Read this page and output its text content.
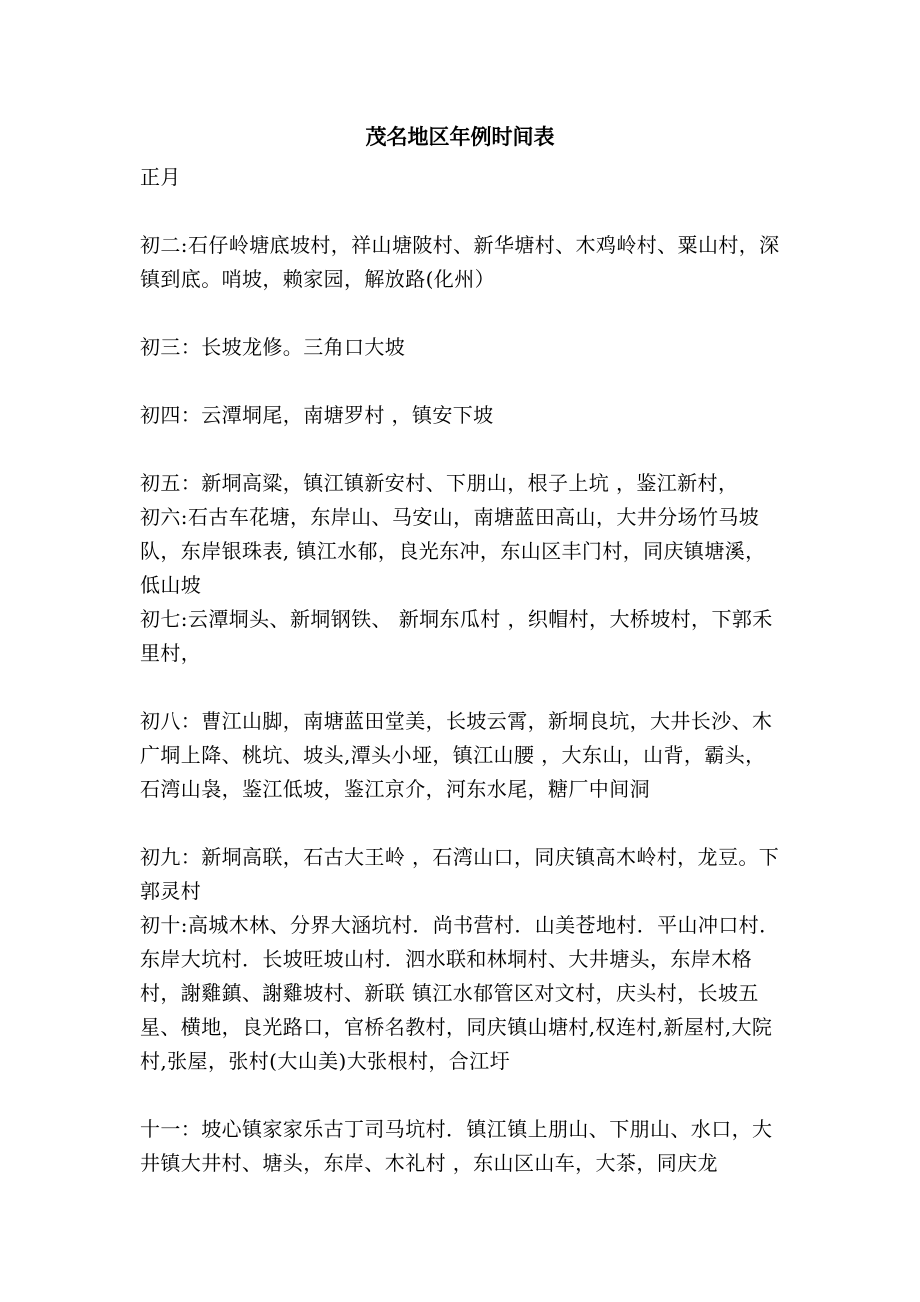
茂名地区年例时间表

正月

初二:石仔岭塘底坡村，祥山塘陂村、新华塘村、木鸡岭村、粟山村，深镇到底。哨坡，赖家园，解放路(化州）

初三：长坡龙修。三角口大坡

初四：云潭垌尾，南塘罗村 ，镇安下坡

初五：新垌高粱，镇江镇新安村、下朋山，根子上坑 ，鉴江新村，

初六:石古车花塘，东岸山、马安山，南塘蓝田高山，大井分场竹马坡队，东岸银珠表, 镇江水郁，良光东冲，东山区丰门村，同庆镇塘溪，低山坡

初七:云潭垌头、新垌钢铁、 新垌东瓜村 ，织帽村，大桥坡村，下郭禾里村，

初八：曹江山脚，南塘蓝田堂美，长坡云霄，新垌良坑，大井长沙、木广垌上降、桃坑、坡头,潭头小垭，镇江山腰 ，大东山，山背，霸头，石湾山袅，鉴江低坡，鉴江京介，河东水尾，糖厂中间洞

初九：新垌高联，石古大王岭 ，石湾山口，同庆镇高木岭村，龙豆。下郭灵村

初十:高城木林、分界大涵坑村．尚书营村．山美苍地村．平山冲口村．东岸大坑村．长坡旺坡山村．泗水联和林垌村、大井塘头，东岸木格村，謝雞鎮、謝雞坡村、新联 镇江水郁管区对文村，庆头村，长坡五星、横地，良光路口，官桥名教村，同庆镇山塘村,权连村,新屋村,大院村,张屋，张村(大山美)大张根村，合江圩

十一：坡心镇家家乐古丁司马坑村．镇江镇上朋山、下朋山、水口，大井镇大井村、塘头，东岸、木礼村 ，东山区山车，大茶，同庆龙
